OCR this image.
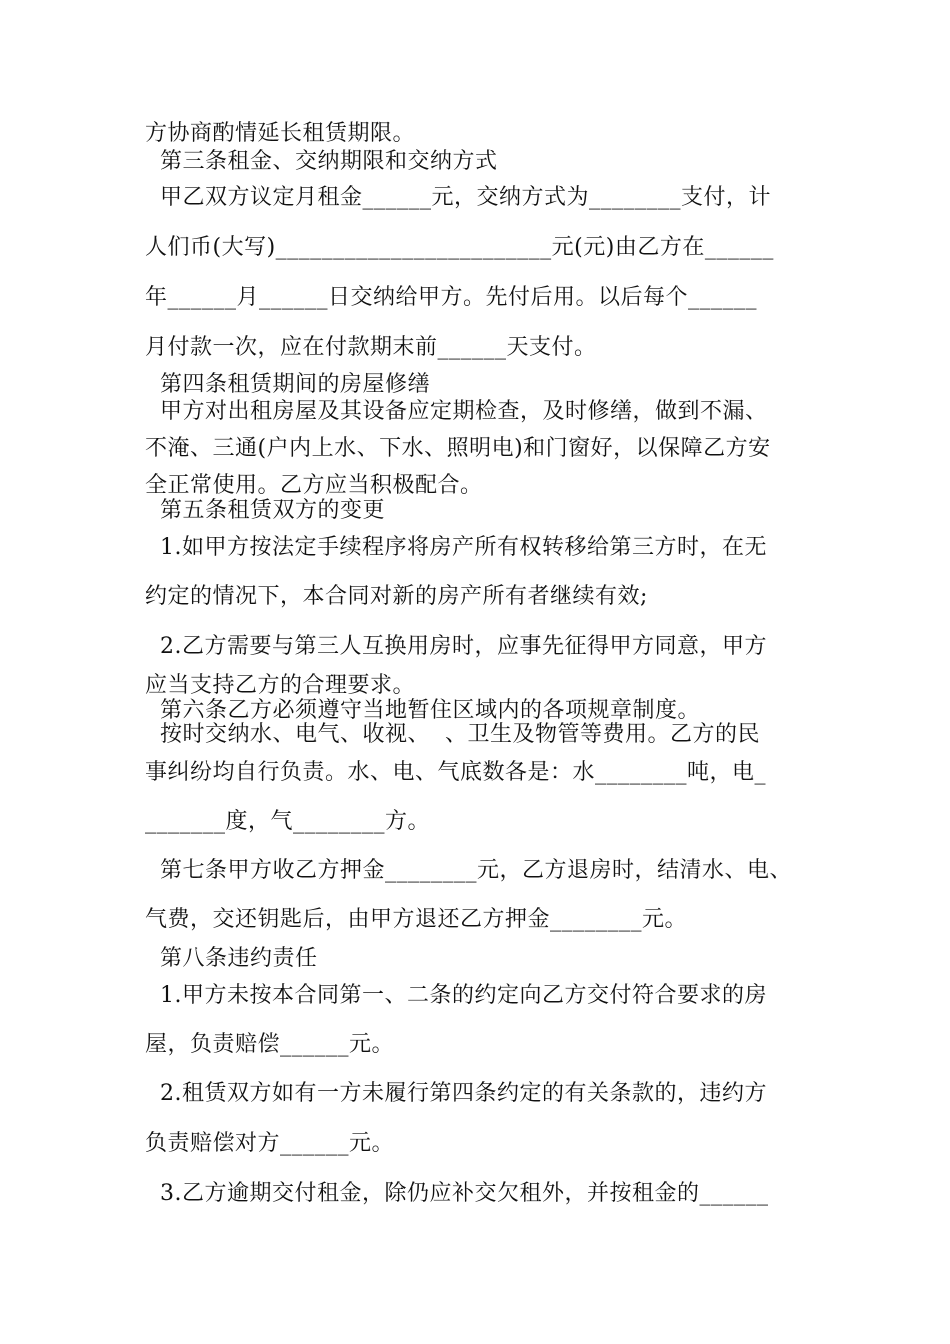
方协商酌情延长租赁期限。
第三条租金、交纳期限和交纳方式
甲乙双方议定月租金______元，交纳方式为________支付，计
人们币(大写)________________________元(元)由乙方在______
年______月______日交纳给甲方。先付后用。以后每个______
月付款一次，应在付款期末前______天支付。
第四条租赁期间的房屋修缮
甲方对出租房屋及其设备应定期检查，及时修缮，做到不漏、
不淹、三通(户内上水、下水、照明电)和门窗好，以保障乙方安
全正常使用。乙方应当积极配合。
第五条租赁双方的变更
1.如甲方按法定手续程序将房产所有权转移给第三方时，在无
约定的情况下，本合同对新的房产所有者继续有效;
2.乙方需要与第三人互换用房时，应事先征得甲方同意，甲方
应当支持乙方的合理要求。
第六条乙方必须遵守当地暂住区域内的各项规章制度。
按时交纳水、电气、收视、  、卫生及物管等费用。乙方的民
事纠纷均自行负责。水、电、气底数各是：水________吨，电_
_______度，气________方。
第七条甲方收乙方押金________元，乙方退房时，结清水、电、
气费，交还钥匙后，由甲方退还乙方押金________元。
第八条违约责任
1.甲方未按本合同第一、二条的约定向乙方交付符合要求的房
屋，负责赔偿______元。
2.租赁双方如有一方未履行第四条约定的有关条款的，违约方
负责赔偿对方______元。
3.乙方逾期交付租金，除仍应补交欠租外，并按租金的______
